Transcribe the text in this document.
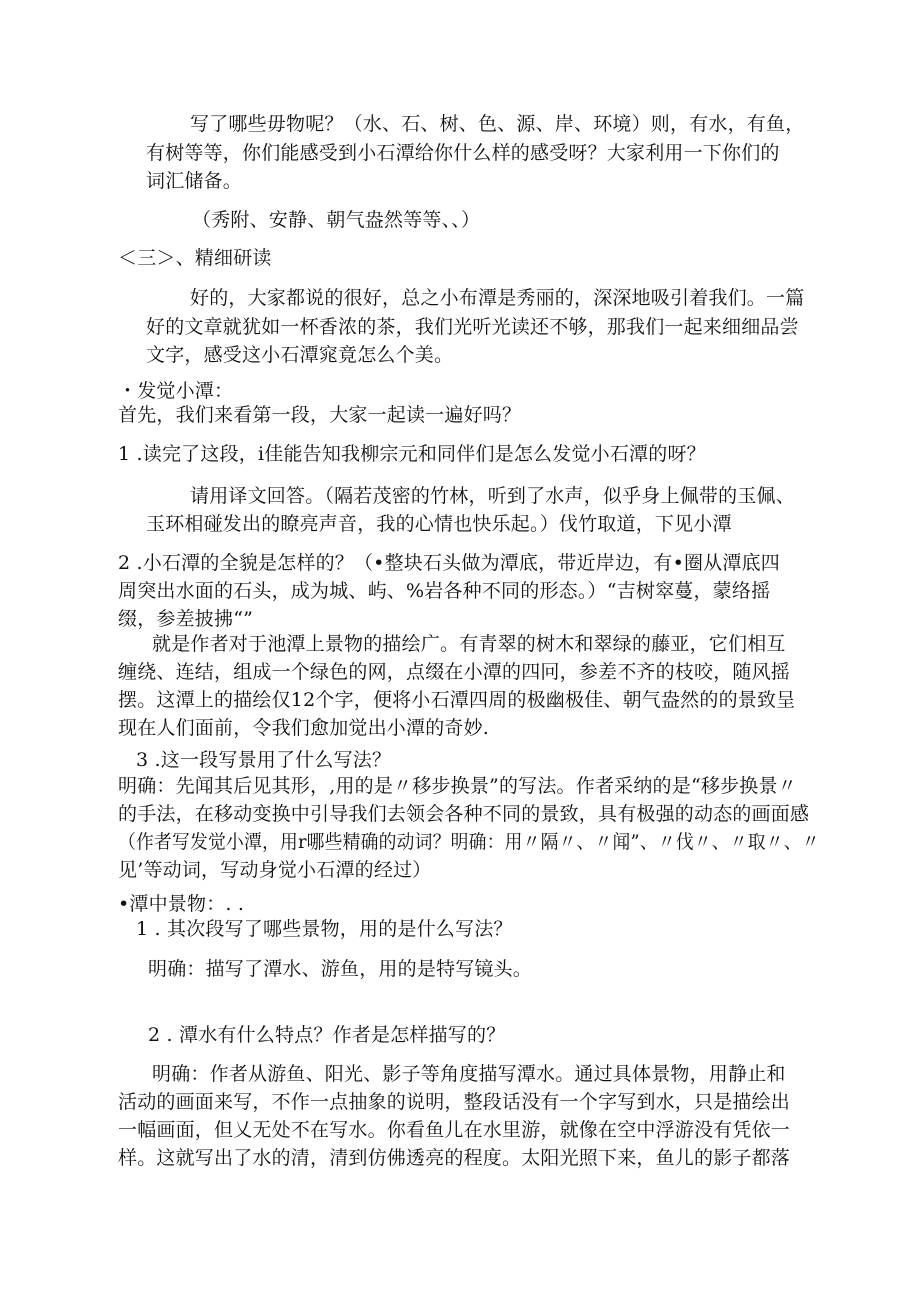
写了哪些毋物呢？（水、石、树、色、源、岸、环境）则，有水，有鱼，

有树等等，你们能感受到小石潭给你什么样的感受呀？大家利用一下你们的

词汇储备。

（秀附、安静、朝气盎然等等、、）

＜三＞、精细研读

好的，大家都说的很好，总之小布潭是秀丽的，深深地吸引着我们。一篇

好的文章就犹如一杯香浓的茶，我们光听光读还不够，那我们一起来细细品尝

文字，感受这小石潭窕竟怎么个美。

・发觉小潭：

首先，我们来看第一段，大家一起读一遍好吗？

1 .读完了这段，i佳能告知我柳宗元和同伴们是怎么发觉小石潭的呀？

请用译文回答。（隔若茂密的竹林，听到了水声，似乎身上佩带的玉佩、

玉环相碰发出的瞭亮声音，我的心情也快乐起。）伐竹取道，下见小潭

2 .小石潭的全貌是怎样的？（•整块石头做为潭底，带近岸边，有•圈从潭底四

周突出水面的石头，成为城、屿、%岩各种不同的形态。）“吉树窣蔓，蒙络摇

缀，参差披拂“”

就是作者对于池潭上景物的描绘广。有青翠的树木和翠绿的藤亚，它们相互

缠绕、连结，组成一个绿色的网，点缀在小潭的四冋，参差不齐的枝咬，随风摇

摆。这潭上的描绘仅12个字，便将小石潭四周的极幽极佳、朝气盎然的的景致呈

现在人们面前，令我们愈加觉出小潭的奇妙.

3 .这一段写景用了什么写法？

明确：先闻其后见其形，,用的是〃移步换景”的写法。作者采纳的是“移步换景〃

的手法，在移动变换中引导我们去领会各种不同的景致，具有极强的动态的画面感

（作者写发觉小潭，用r哪些精确的动词？明确：用〃隔〃、〃闻”、〃伐〃、〃取〃、〃

见’等动词，写动身觉小石潭的经过）

•潭中景物：. .

1 . 其次段写了哪些景物，用的是什么写法？

明确：描写了潭水、游鱼，用的是特写镜头。

2 . 潭水有什么特点？作者是怎样描写的？

明确：作者从游鱼、阳光、影子等角度描写潭水。通过具体景物，用静止和

活动的画面来写，不作一点抽象的说明，整段话没有一个字写到水，只是描绘出

一幅画面，但乂无处不在写水。你看鱼儿在水里游，就像在空中浮游没有凭依一

样。这就写出了水的清，清到仿佛透亮的程度。太阳光照下来，鱼儿的影子都落
